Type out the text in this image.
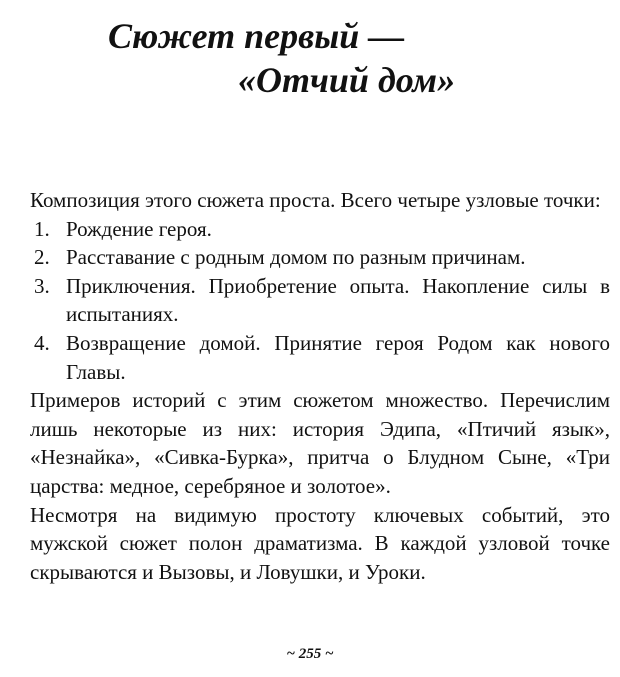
Сюжет первый —
«Отчий дом»

Композиция этого сюжета проста. Всего четыре узловые точки:

1. Рождение героя.
2. Расставание с родным домом по разным причинам.
3. Приключения. Приобретение опыта. Накопление силы в испытаниях.
4. Возвращение домой. Принятие героя Родом как нового Главы.

Примеров историй с этим сюжетом множество. Перечислим лишь некоторые из них: история Эдипа, «Птичий язык», «Незнайка», «Сивка-Бурка», притча о Блудном Сыне, «Три царства: медное, серебряное и золотое».

Несмотря на видимую простоту ключевых событий, это мужской сюжет полон драматизма. В каждой узловой точке скрываются и Вызовы, и Ловушки, и Уроки.

~ 255 ~
